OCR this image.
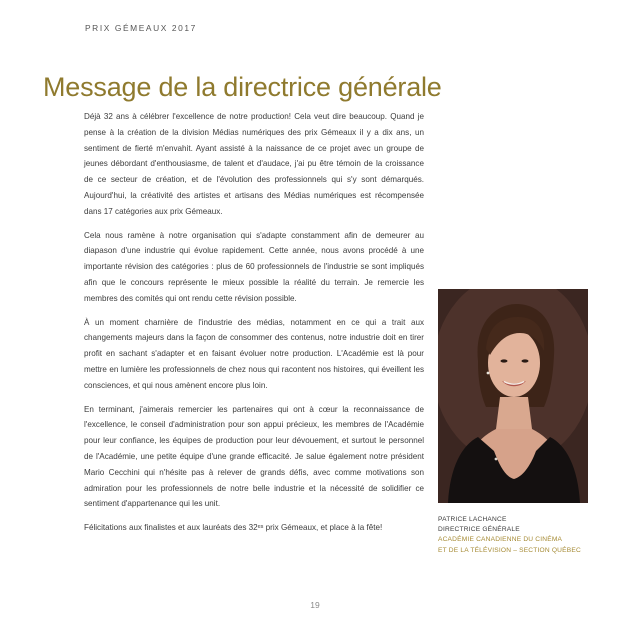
PRIX GÉMEAUX 2017
Message de la directrice générale

Déjà 32 ans à célébrer l'excellence de notre production! Cela veut dire beaucoup. Quand je pense à la création de la division Médias numériques des prix Gémeaux il y a dix ans, un sentiment de fierté m'envahit. Ayant assisté à la naissance de ce projet avec un groupe de jeunes débordant d'enthousiasme, de talent et d'audace, j'ai pu être témoin de la croissance de ce secteur de création, et de l'évolution des professionnels qui s'y sont démarqués. Aujourd'hui, la créativité des artistes et artisans des Médias numériques est récompensée dans 17 catégories aux prix Gémeaux.

Cela nous ramène à notre organisation qui s'adapte constamment afin de demeurer au diapason d'une industrie qui évolue rapidement. Cette année, nous avons procédé à une importante révision des catégories : plus de 60 professionnels de l'industrie se sont impliqués afin que le concours représente le mieux possible la réalité du terrain. Je remercie les membres des comités qui ont rendu cette révision possible.

À un moment charnière de l'industrie des médias, notamment en ce qui a trait aux changements majeurs dans la façon de consommer des contenus, notre industrie doit en tirer profit en sachant s'adapter et en faisant évoluer notre production. L'Académie est là pour mettre en lumière les professionnels de chez nous qui racontent nos histoires, qui éveillent les consciences, et qui nous amènent encore plus loin.

En terminant, j'aimerais remercier les partenaires qui ont à cœur la reconnaissance de l'excellence, le conseil d'administration pour son appui précieux, les membres de l'Académie pour leur confiance, les équipes de production pour leur dévouement, et surtout le personnel de l'Académie, une petite équipe d'une grande efficacité. Je salue également notre président Mario Cecchini qui n'hésite pas à relever de grands défis, avec comme motivations son admiration pour les professionnels de notre belle industrie et la nécessité de solidifier ce sentiment d'appartenance qui les unit.

Félicitations aux finalistes et aux lauréats des 32ᵉˢ prix Gémeaux, et place à la fête!

PATRICE LACHANCE
DIRECTRICE GÉNÉRALE
ACADÉMIE CANADIENNE DU CINÉMA
ET DE LA TÉLÉVISION – SECTION QUÉBEC
19
